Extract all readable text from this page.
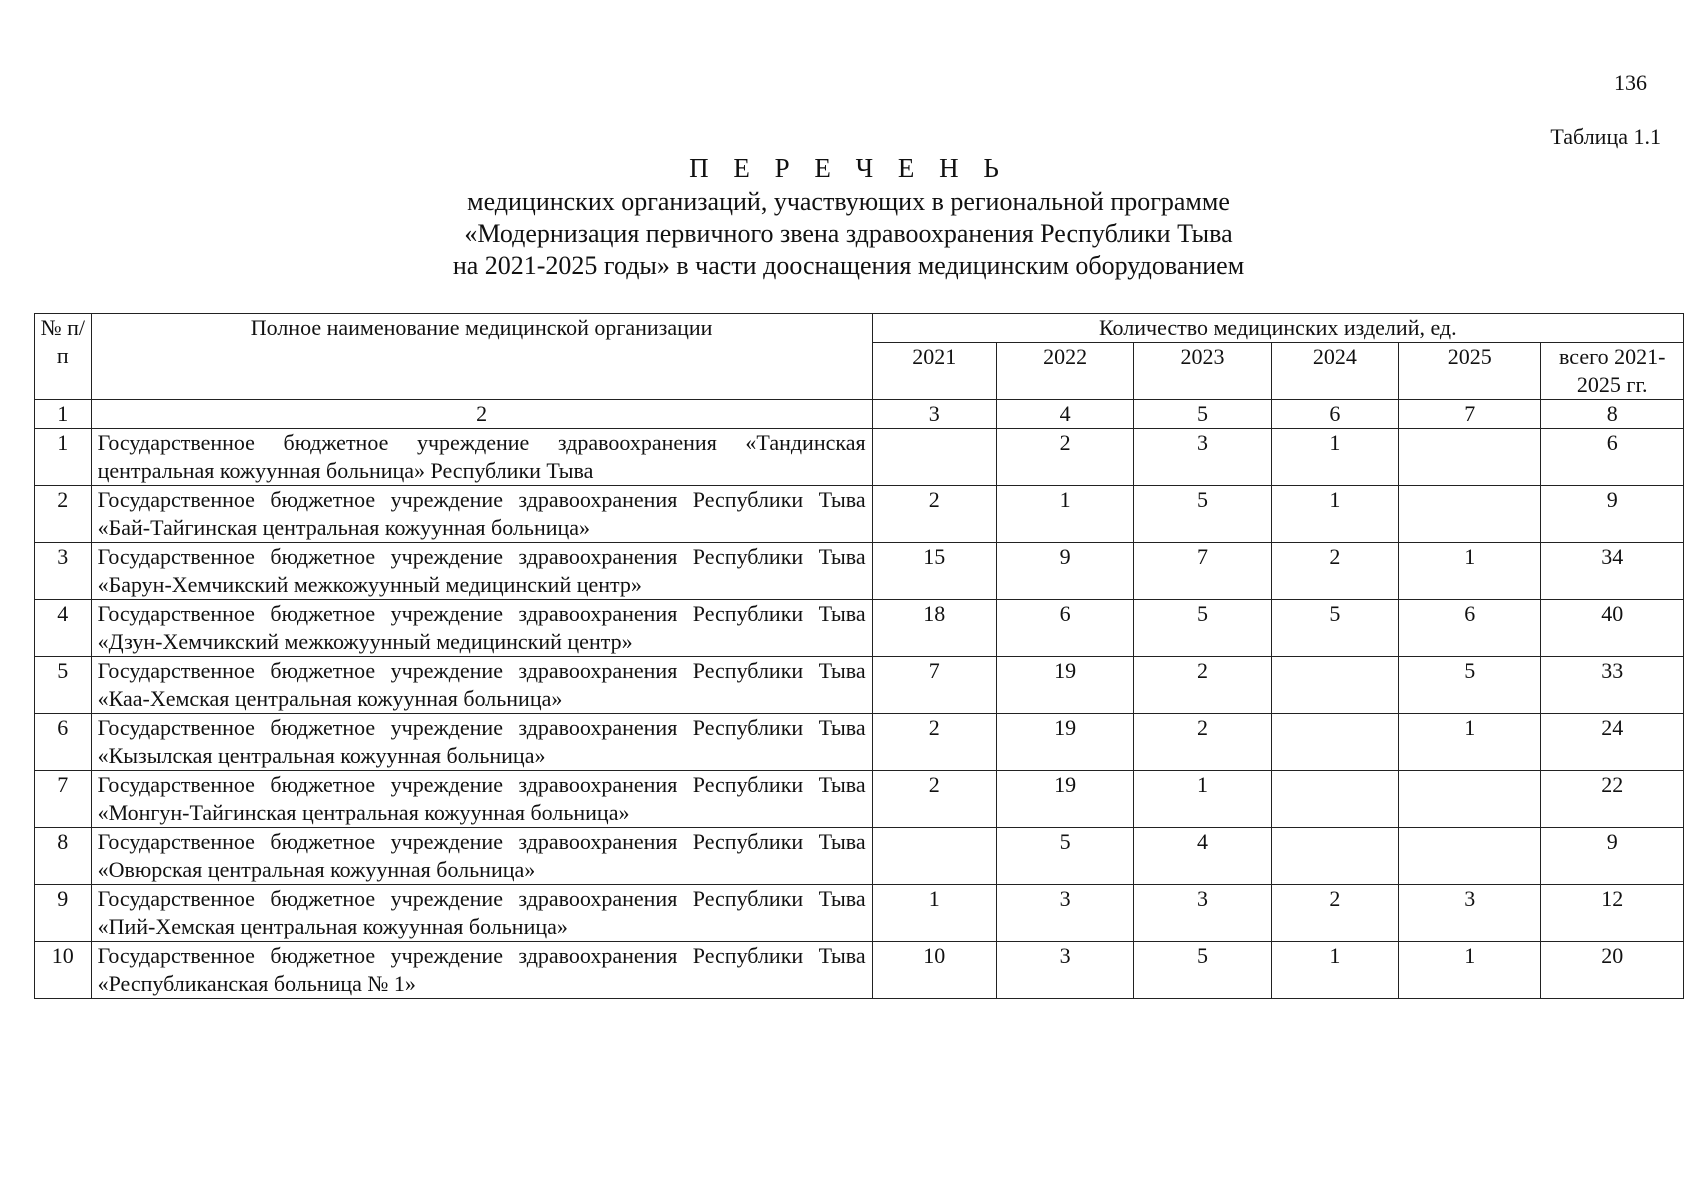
136
Таблица 1.1
П Е Р Е Ч Е Н Ь
медицинских организаций, участвующих в региональной программе
«Модернизация первичного звена здравоохранения Республики Тыва
на 2021-2025 годы» в части дооснащения медицинским оборудованием
№ п/п	Полное наименование медицинской организации	Количество медицинских изделий, ед.					
		2021	2022	2023	2024	2025	всего 2021-2025 гг.
1	2	3	4	5	6	7	8
1	Государственное бюджетное учреждение здравоохранения «Тандинская центральная кожуунная больница» Республики Тыва		2	3	1		6
2	Государственное бюджетное учреждение здравоохранения Республики Тыва «Бай-Тайгинская центральная кожуунная больница»	2	1	5	1		9
3	Государственное бюджетное учреждение здравоохранения Республики Тыва «Барун-Хемчикский межкожуунный медицинский центр»	15	9	7	2	1	34
4	Государственное бюджетное учреждение здравоохранения Республики Тыва «Дзун-Хемчикский межкожуунный медицинский центр»	18	6	5	5	6	40
5	Государственное бюджетное учреждение здравоохранения Республики Тыва «Каа-Хемская центральная кожуунная больница»	7	19	2		5	33
6	Государственное бюджетное учреждение здравоохранения Республики Тыва «Кызылская центральная кожуунная больница»	2	19	2		1	24
7	Государственное бюджетное учреждение здравоохранения Республики Тыва «Монгун-Тайгинская центральная кожуунная больница»	2	19	1			22
8	Государственное бюджетное учреждение здравоохранения Республики Тыва «Овюрская центральная кожуунная больница»		5	4			9
9	Государственное бюджетное учреждение здравоохранения Республики Тыва «Пий-Хемская центральная кожуунная больница»	1	3	3	2	3	12
10	Государственное бюджетное учреждение здравоохранения Республики Тыва «Республиканская больница № 1»	10	3	5	1	1	20
